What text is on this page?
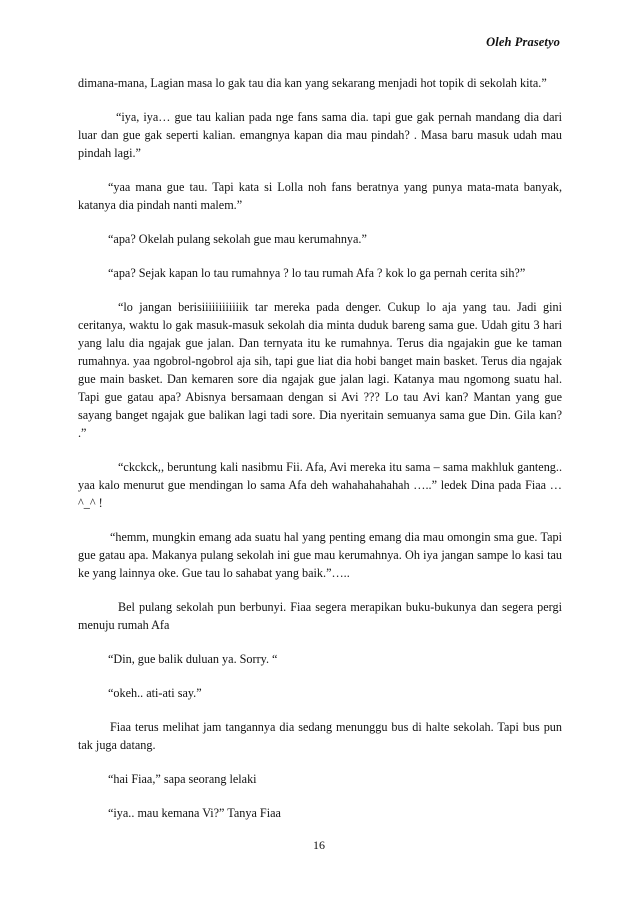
Oleh Prasetyo

dimana-mana, Lagian masa lo gak tau dia kan yang sekarang menjadi hot topik di sekolah kita.”

“iya, iya… gue tau kalian pada nge fans sama dia. tapi gue gak pernah mandang dia dari luar dan gue gak seperti kalian. emangnya kapan dia mau pindah? . Masa baru masuk udah mau pindah lagi.”

“yaa mana gue tau. Tapi kata si Lolla noh fans beratnya yang punya mata-mata banyak, katanya dia pindah nanti malem.”

“apa? Okelah pulang sekolah gue mau kerumahnya.”

“apa? Sejak kapan lo tau rumahnya ? lo tau rumah Afa ? kok lo ga pernah cerita sih?”

“lo jangan berisiiiiiiiiiiiik tar mereka pada denger. Cukup lo aja yang tau. Jadi gini ceritanya, waktu lo gak masuk-masuk sekolah dia minta duduk bareng sama gue. Udah gitu 3 hari yang lalu dia ngajak gue jalan. Dan ternyata itu ke rumahnya. Terus dia ngajakin gue ke taman rumahnya. yaa ngobrol-ngobrol aja sih, tapi gue liat dia hobi banget main basket. Terus dia ngajak gue main basket. Dan kemaren sore dia ngajak gue jalan lagi. Katanya mau ngomong suatu hal. Tapi gue gatau apa? Abisnya bersamaan dengan si Avi ??? Lo tau Avi kan? Mantan yang gue sayang banget ngajak gue balikan lagi tadi sore. Dia nyeritain semuanya sama gue Din. Gila kan? .”

“ckckck,, beruntung kali nasibmu Fii. Afa, Avi mereka itu sama – sama makhluk ganteng.. yaa kalo menurut gue mendingan lo sama Afa deh wahahahahahah …..” ledek Dina pada Fiaa … ^_^ !

“hemm, mungkin emang ada suatu hal yang penting emang dia mau omongin sma gue. Tapi gue gatau apa. Makanya pulang sekolah ini gue mau kerumahnya. Oh iya jangan sampe lo kasi tau ke yang lainnya oke. Gue tau lo sahabat yang baik.”…..

Bel pulang sekolah pun berbunyi. Fiaa segera merapikan buku-bukunya dan segera pergi menuju rumah Afa

“Din, gue balik duluan ya. Sorry. “

“okeh.. ati-ati say.”

Fiaa terus melihat jam tangannya dia sedang menunggu bus di halte sekolah. Tapi bus pun tak juga datang.

“hai Fiaa,” sapa seorang lelaki

“iya.. mau kemana Vi?” Tanya Fiaa

16
